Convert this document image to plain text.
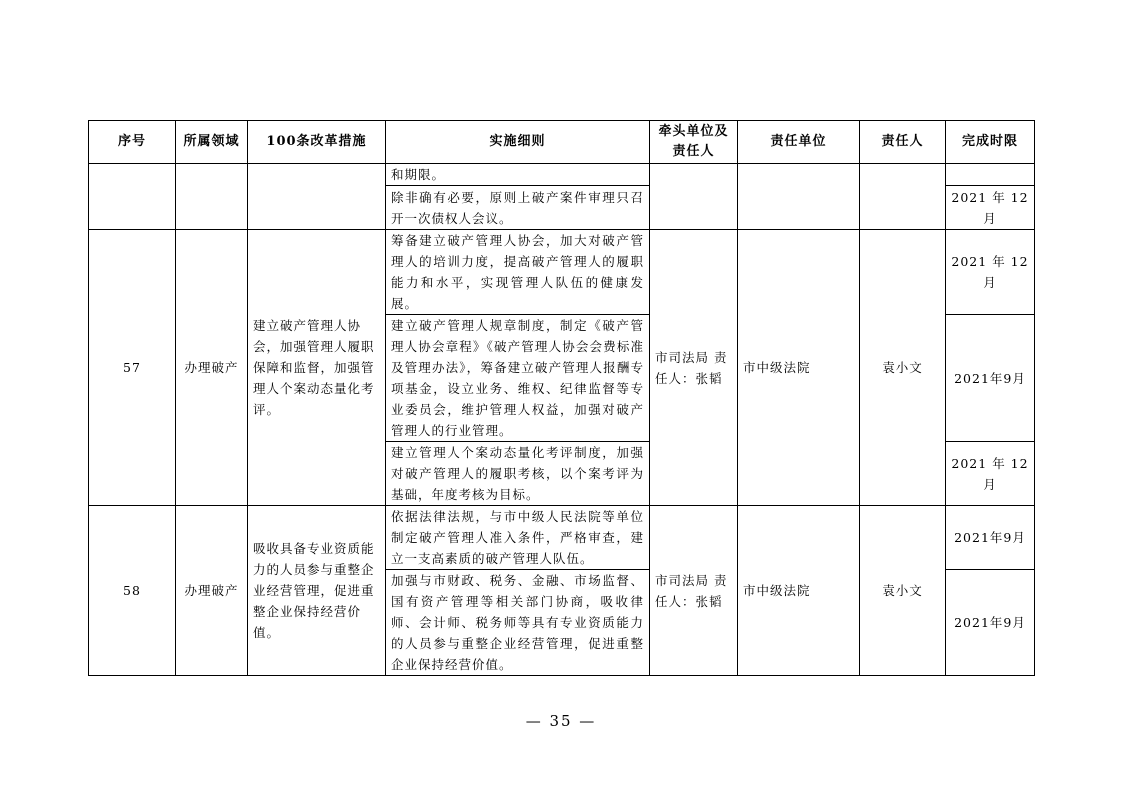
序号	所属领域	100条改革措施	实施细则	牵头单位及责任人	责任单位	责任人	完成时限
			和期限。				
			除非确有必要，原则上破产案件审理只召开一次债权人会议。				2021 年 12 月
57	办理破产	建立破产管理人协会，加强管理人履职保障和监督，加强管理人个案动态量化考评。	筹备建立破产管理人协会，加大对破产管理人的培训力度，提高破产管理人的履职能力和水平，实现管理人队伍的健康发展。	市司法局 责任人：张韬	市中级法院	袁小文	2021 年 12 月
			建立破产管理人规章制度，制定《破产管理人协会章程》《破产管理人协会会费标准及管理办法》，筹备建立破产管理人报酬专项基金，设立业务、维权、纪律监督等专业委员会，维护管理人权益，加强对破产管理人的行业管理。				2021年9月
			建立管理人个案动态量化考评制度，加强对破产管理人的履职考核，以个案考评为基础，年度考核为目标。				2021 年 12 月
58	办理破产	吸收具备专业资质能力的人员参与重整企业经营管理，促进重整企业保持经营价值。	依据法律法规，与市中级人民法院等单位制定破产管理人准入条件，严格审查，建立一支高素质的破产管理人队伍。	市司法局 责任人：张韬	市中级法院	袁小文	2021年9月
			加强与市财政、税务、金融、市场监督、国有资产管理等相关部门协商，吸收律师、会计师、税务师等具有专业资质能力的人员参与重整企业经营管理，促进重整企业保持经营价值。				2021年9月
— 35 —
